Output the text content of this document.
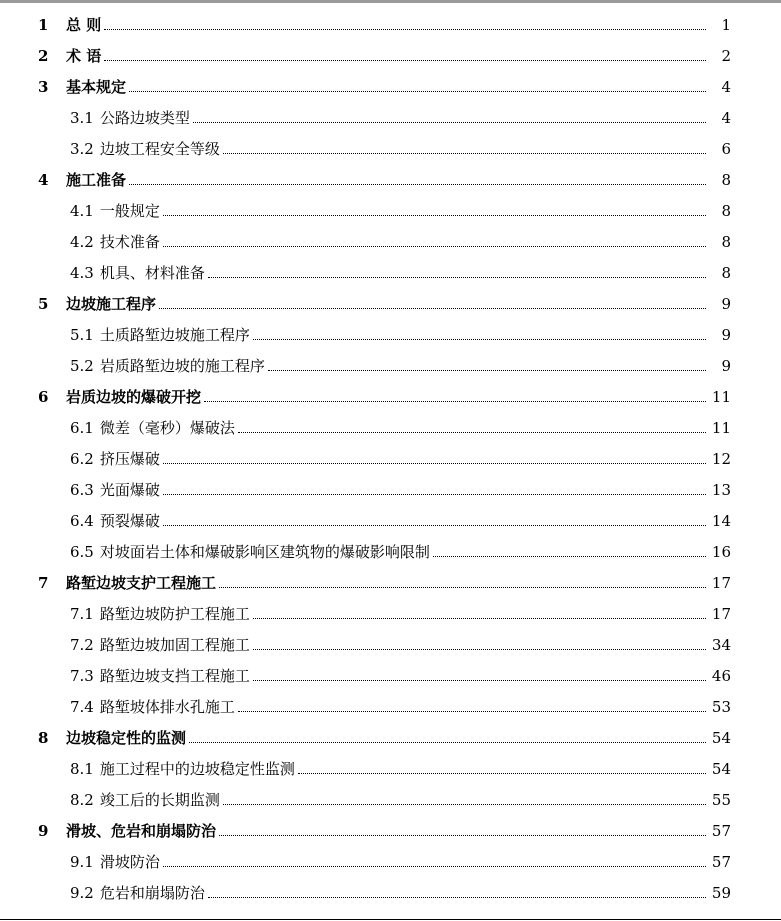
1	总 则	1
2	术 语	2
3	基本规定	4
3.1 公路边坡类型	4
3.2 边坡工程安全等级	6
4	施工准备	8
4.1 一般规定	8
4.2 技术准备	8
4.3 机具、材料准备	8
5	边坡施工程序	9
5.1 土质路堑边坡施工程序	9
5.2 岩质路堑边坡的施工程序	9
6	岩质边坡的爆破开挖	11
6.1 微差（毫秒）爆破法	11
6.2 挤压爆破	12
6.3 光面爆破	13
6.4 预裂爆破	14
6.5 对坡面岩土体和爆破影响区建筑物的爆破影响限制	16
7	路堑边坡支护工程施工	17
7.1 路堑边坡防护工程施工	17
7.2 路堑边坡加固工程施工	34
7.3 路堑边坡支挡工程施工	46
7.4 路堑坡体排水孔施工	53
8	边坡稳定性的监测	54
8.1 施工过程中的边坡稳定性监测	54
8.2 竣工后的长期监测	55
9	滑坡、危岩和崩塌防治	57
9.1 滑坡防治	57
9.2 危岩和崩塌防治	59
